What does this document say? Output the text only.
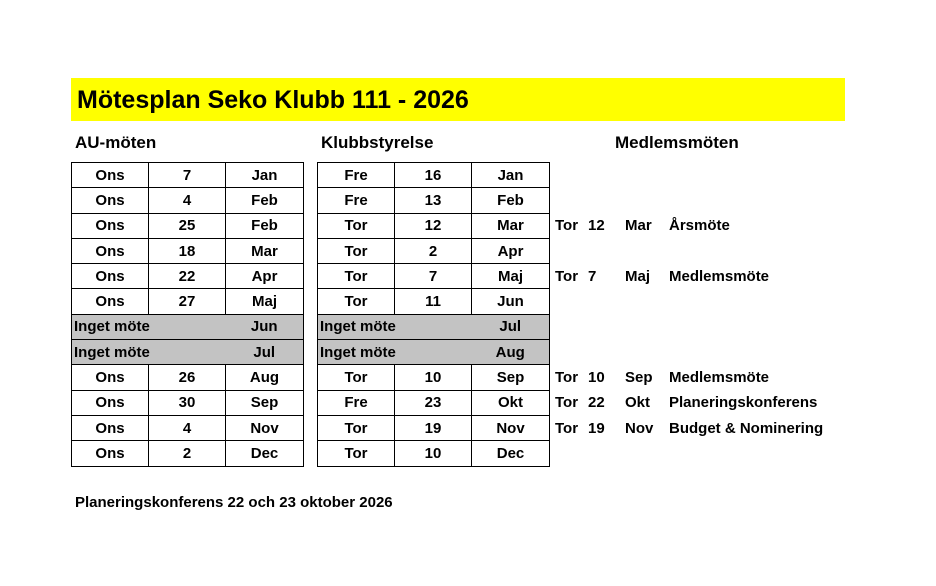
Mötesplan Seko Klubb 111 - 2026
AU-möten	Klubbstyrelse	Medlemsmöten
Ons	7	Jan
Ons	4	Feb
Ons	25	Feb
Ons	18	Mar
Ons	22	Apr
Ons	27	Maj
Inget möte		Jun
Inget möte		Jul
Ons	26	Aug
Ons	30	Sep
Ons	4	Nov
Ons	2	Dec
Fre	16	Jan
Fre	13	Feb
Tor	12	Mar
Tor	2	Apr
Tor	7	Maj
Tor	11	Jun
Inget möte		Jul
Inget möte		Aug
Tor	10	Sep
Fre	23	Okt
Tor	19	Nov
Tor	10	Dec
Tor 12 Mar Årsmöte
Tor 7 Maj Medlemsmöte
Tor 10 Sep Medlemsmöte
Tor 22 Okt Planeringskonferens
Tor 19 Nov Budget & Nominering
Planeringskonferens 22 och 23 oktober 2026
